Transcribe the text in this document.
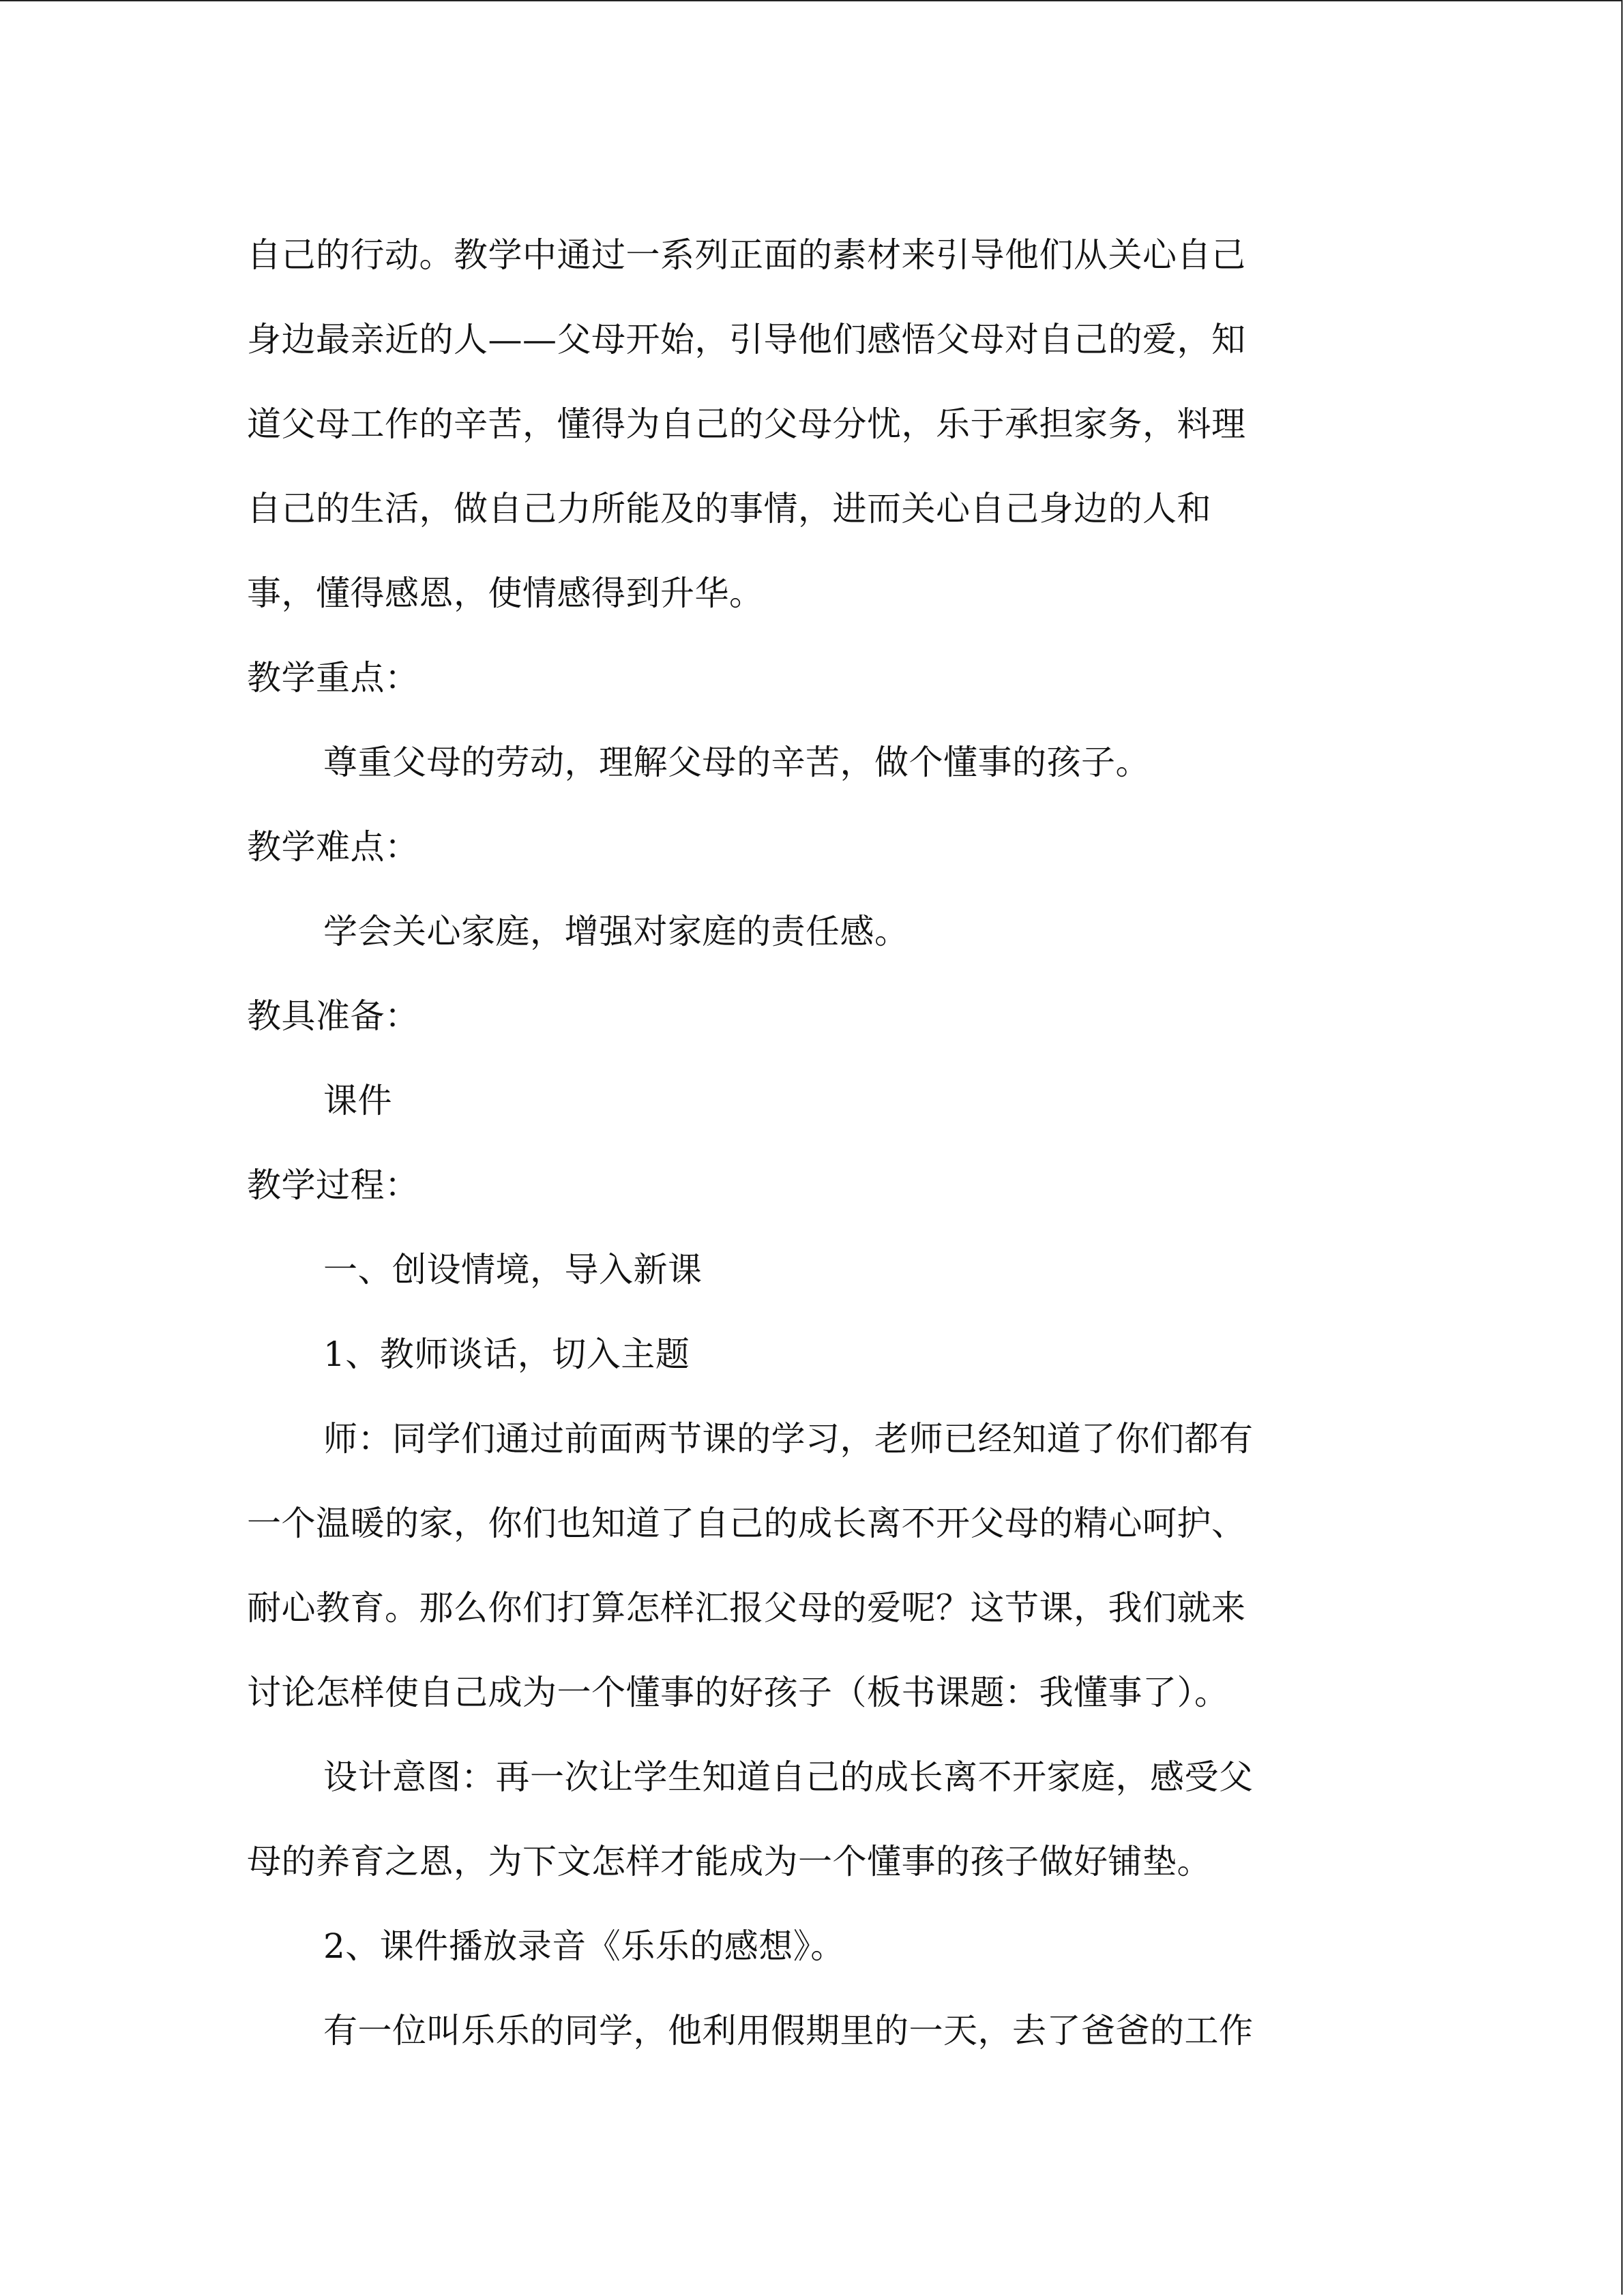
自己的行动。教学中通过一系列正面的素材来引导他们从关心自己
身边最亲近的人——父母开始，引导他们感悟父母对自己的爱，知
道父母工作的辛苦，懂得为自己的父母分忧，乐于承担家务，料理
自己的生活，做自己力所能及的事情，进而关心自己身边的人和
事，懂得感恩，使情感得到升华。
教学重点：
尊重父母的劳动，理解父母的辛苦，做个懂事的孩子。
教学难点：
学会关心家庭，增强对家庭的责任感。
教具准备：
课件
教学过程：
一、创设情境，导入新课
1、教师谈话，切入主题
师：同学们通过前面两节课的学习，老师已经知道了你们都有
一个温暖的家，你们也知道了自己的成长离不开父母的精心呵护、
耐心教育。那么你们打算怎样汇报父母的爱呢？这节课，我们就来
讨论怎样使自己成为一个懂事的好孩子（板书课题：我懂事了）。
设计意图：再一次让学生知道自己的成长离不开家庭，感受父
母的养育之恩，为下文怎样才能成为一个懂事的孩子做好铺垫。
2、课件播放录音《乐乐的感想》。
有一位叫乐乐的同学，他利用假期里的一天，去了爸爸的工作
